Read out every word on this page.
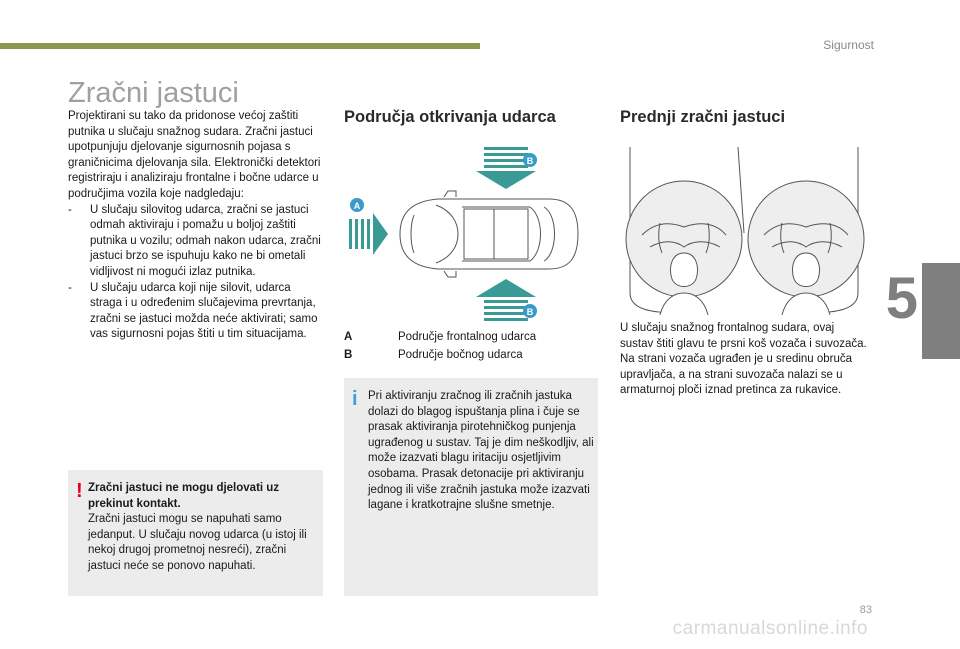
Sigurnost
5
Zračni jastuci

Projektirani su tako da pridonose većoj zaštiti putnika u slučaju snažnog sudara. Zračni jastuci upotpunjuju djelovanje sigurnosnih pojasa s graničnicima djelovanja sila. Elektronički detektori registriraju i analiziraju frontalne i bočne udarce u područjima vozila koje nadgledaju:

- U slučaju silovitog udarca, zračni se jastuci odmah aktiviraju i pomažu u boljoj zaštiti putnika u vozilu; odmah nakon udarca, zračni jastuci brzo se ispuhuju kako ne bi ometali vidljivost ni mogući izlaz putnika.
- U slučaju udarca koji nije silovit, udarca straga i u određenim slučajevima prevrtanja, zračni se jastuci možda neće aktivirati; samo vas sigurnosni pojas štiti u tim situacijama.
! Zračni jastuci ne mogu djelovati uz prekinut kontakt.
Zračni jastuci mogu se napuhati samo jedanput. U slučaju novog udarca (u istoj ili nekoj drugoj prometnoj nesreći), zračni jastuci neće se ponovo napuhati.
Područja otkrivanja udarca
B
A
B
A	Područje frontalnog udarca
B	Područje bočnog udarca
i Pri aktiviranju zračnog ili zračnih jastuka dolazi do blagog ispuštanja plina i čuje se prasak aktiviranja pirotehničkog punjenja ugrađenog u sustav. Taj je dim neškodljiv, ali može izazvati blagu iritaciju osjetljivim osobama. Prasak detonacije pri aktiviranju jednog ili više zračnih jastuka može izazvati lagane i kratkotrajne slušne smetnje.
Prednji zračni jastuci

U slučaju snažnog frontalnog sudara, ovaj sustav štiti glavu te prsni koš vozača i suvozača. Na strani vozača ugrađen je u sredinu obruča upravljača, a na strani suvozača nalazi se u armaturnoj ploči iznad pretinca za rukavice.

83
carmanualsonline.info
